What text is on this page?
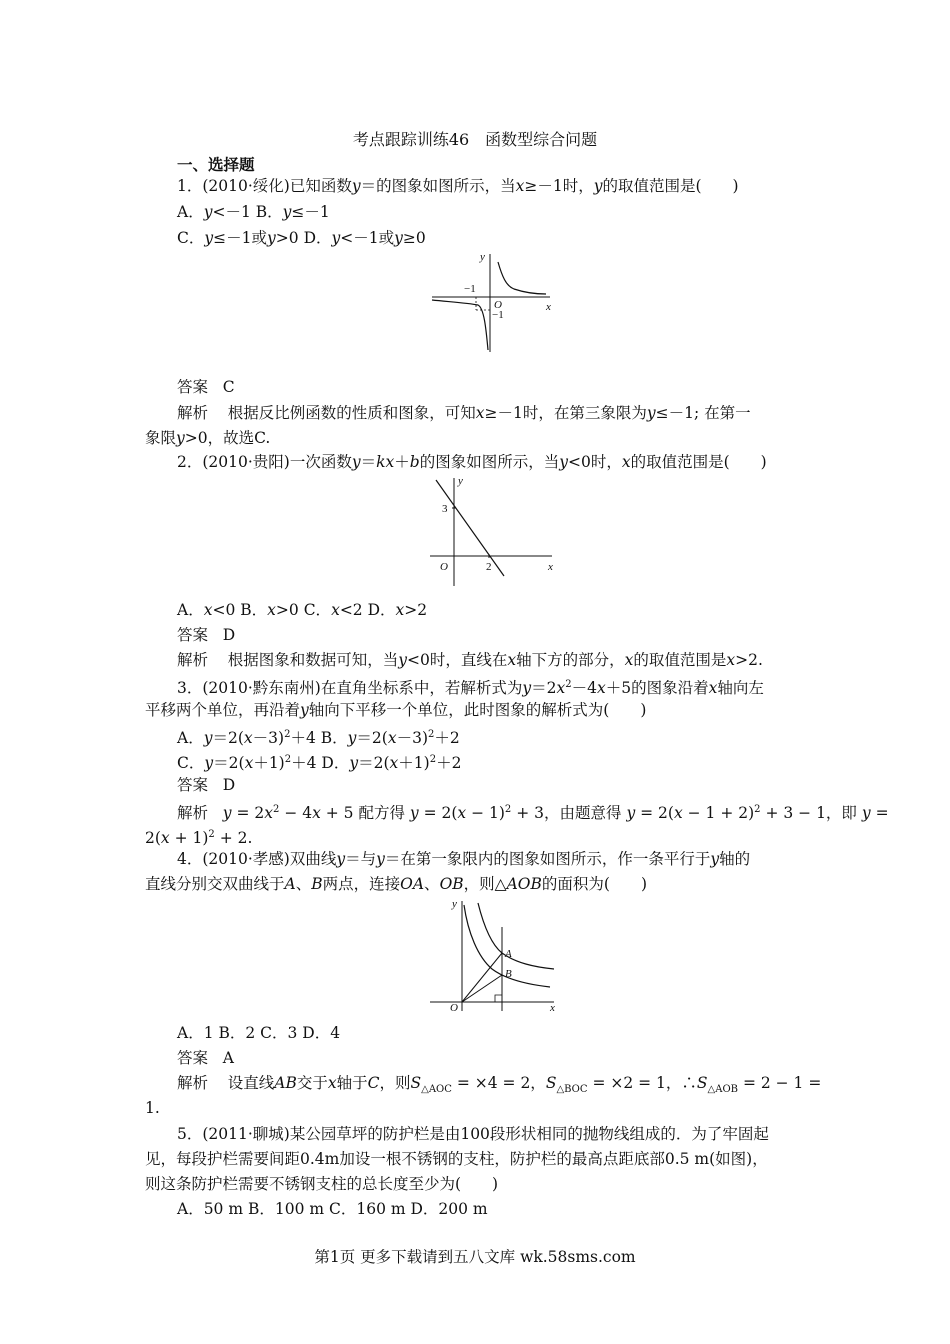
考点跟踪训练46　函数型综合问题
一、选择题
1．(2010·绥化)已知函数y＝的图象如图所示，当x≥－1时，y的取值范围是(　　)
A．y<－1 B．y≤－1
C．y≤－1或y>0 D．y<－1或y≥0
y
x
O
−1
−1
答案 C
解析 根据反比例函数的性质和图象，可知x≥－1时，在第三象限为y≤－1; 在第一
象限y>0，故选C.
2．(2010·贵阳)一次函数y＝kx＋b的图象如图所示，当y<0时，x的取值范围是(　　)
y
x
O
3
2
A．x<0 B．x>0 C．x<2 D．x>2
答案 D
解析 根据图象和数据可知，当y<0时，直线在x轴下方的部分，x的取值范围是x>2.
3．(2010·黔东南州)在直角坐标系中，若解析式为$y=2x^2-4x+5$的图象沿着x轴向左
平移两个单位，再沿着y轴向下平移一个单位，此时图象的解析式为(　　)
A．$y=2(x-3)^2+4$ B．$y=2(x-3)^2+2$
C．$y=2(x+1)^2+4$ D．$y=2(x+1)^2+2$
答案 D
解析 $y = 2x^2 - 4x + 5$ 配方得 $y = 2(x - 1)^2 + 3$，由题意得 $y = 2(x - 1 + 2)^2 + 3 - 1$，即 y =
$2(x + 1)^2 + 2$.
4．(2010·孝感)双曲线y＝与y＝在第一象限内的图象如图所示，作一条平行于y轴的
直线分别交双曲线于A、B两点，连接OA、OB，则△AOB的面积为(　　)
y
x
O
A
B
A．1 B．2 C．3 D．4
答案 A
解析 设直线AB交于x轴于C，则$S_{\triangle AOC} = \times 4 = 2$，$S_{\triangle BOC} = \times 2 = 1$，$\therefore S_{\triangle AOB} = 2 - 1$ =
1.
5．(2011·聊城)某公园草坪的防护栏是由100段形状相同的抛物线组成的．为了牢固起
见，每段护栏需要间距0.4m加设一根不锈钢的支柱，防护栏的最高点距底部0.5 m(如图)，
则这条防护栏需要不锈钢支柱的总长度至少为(　　)
A．50 m B．100 m C．160 m D．200 m
第1页 更多下载请到五八文库 wk.58sms.com
